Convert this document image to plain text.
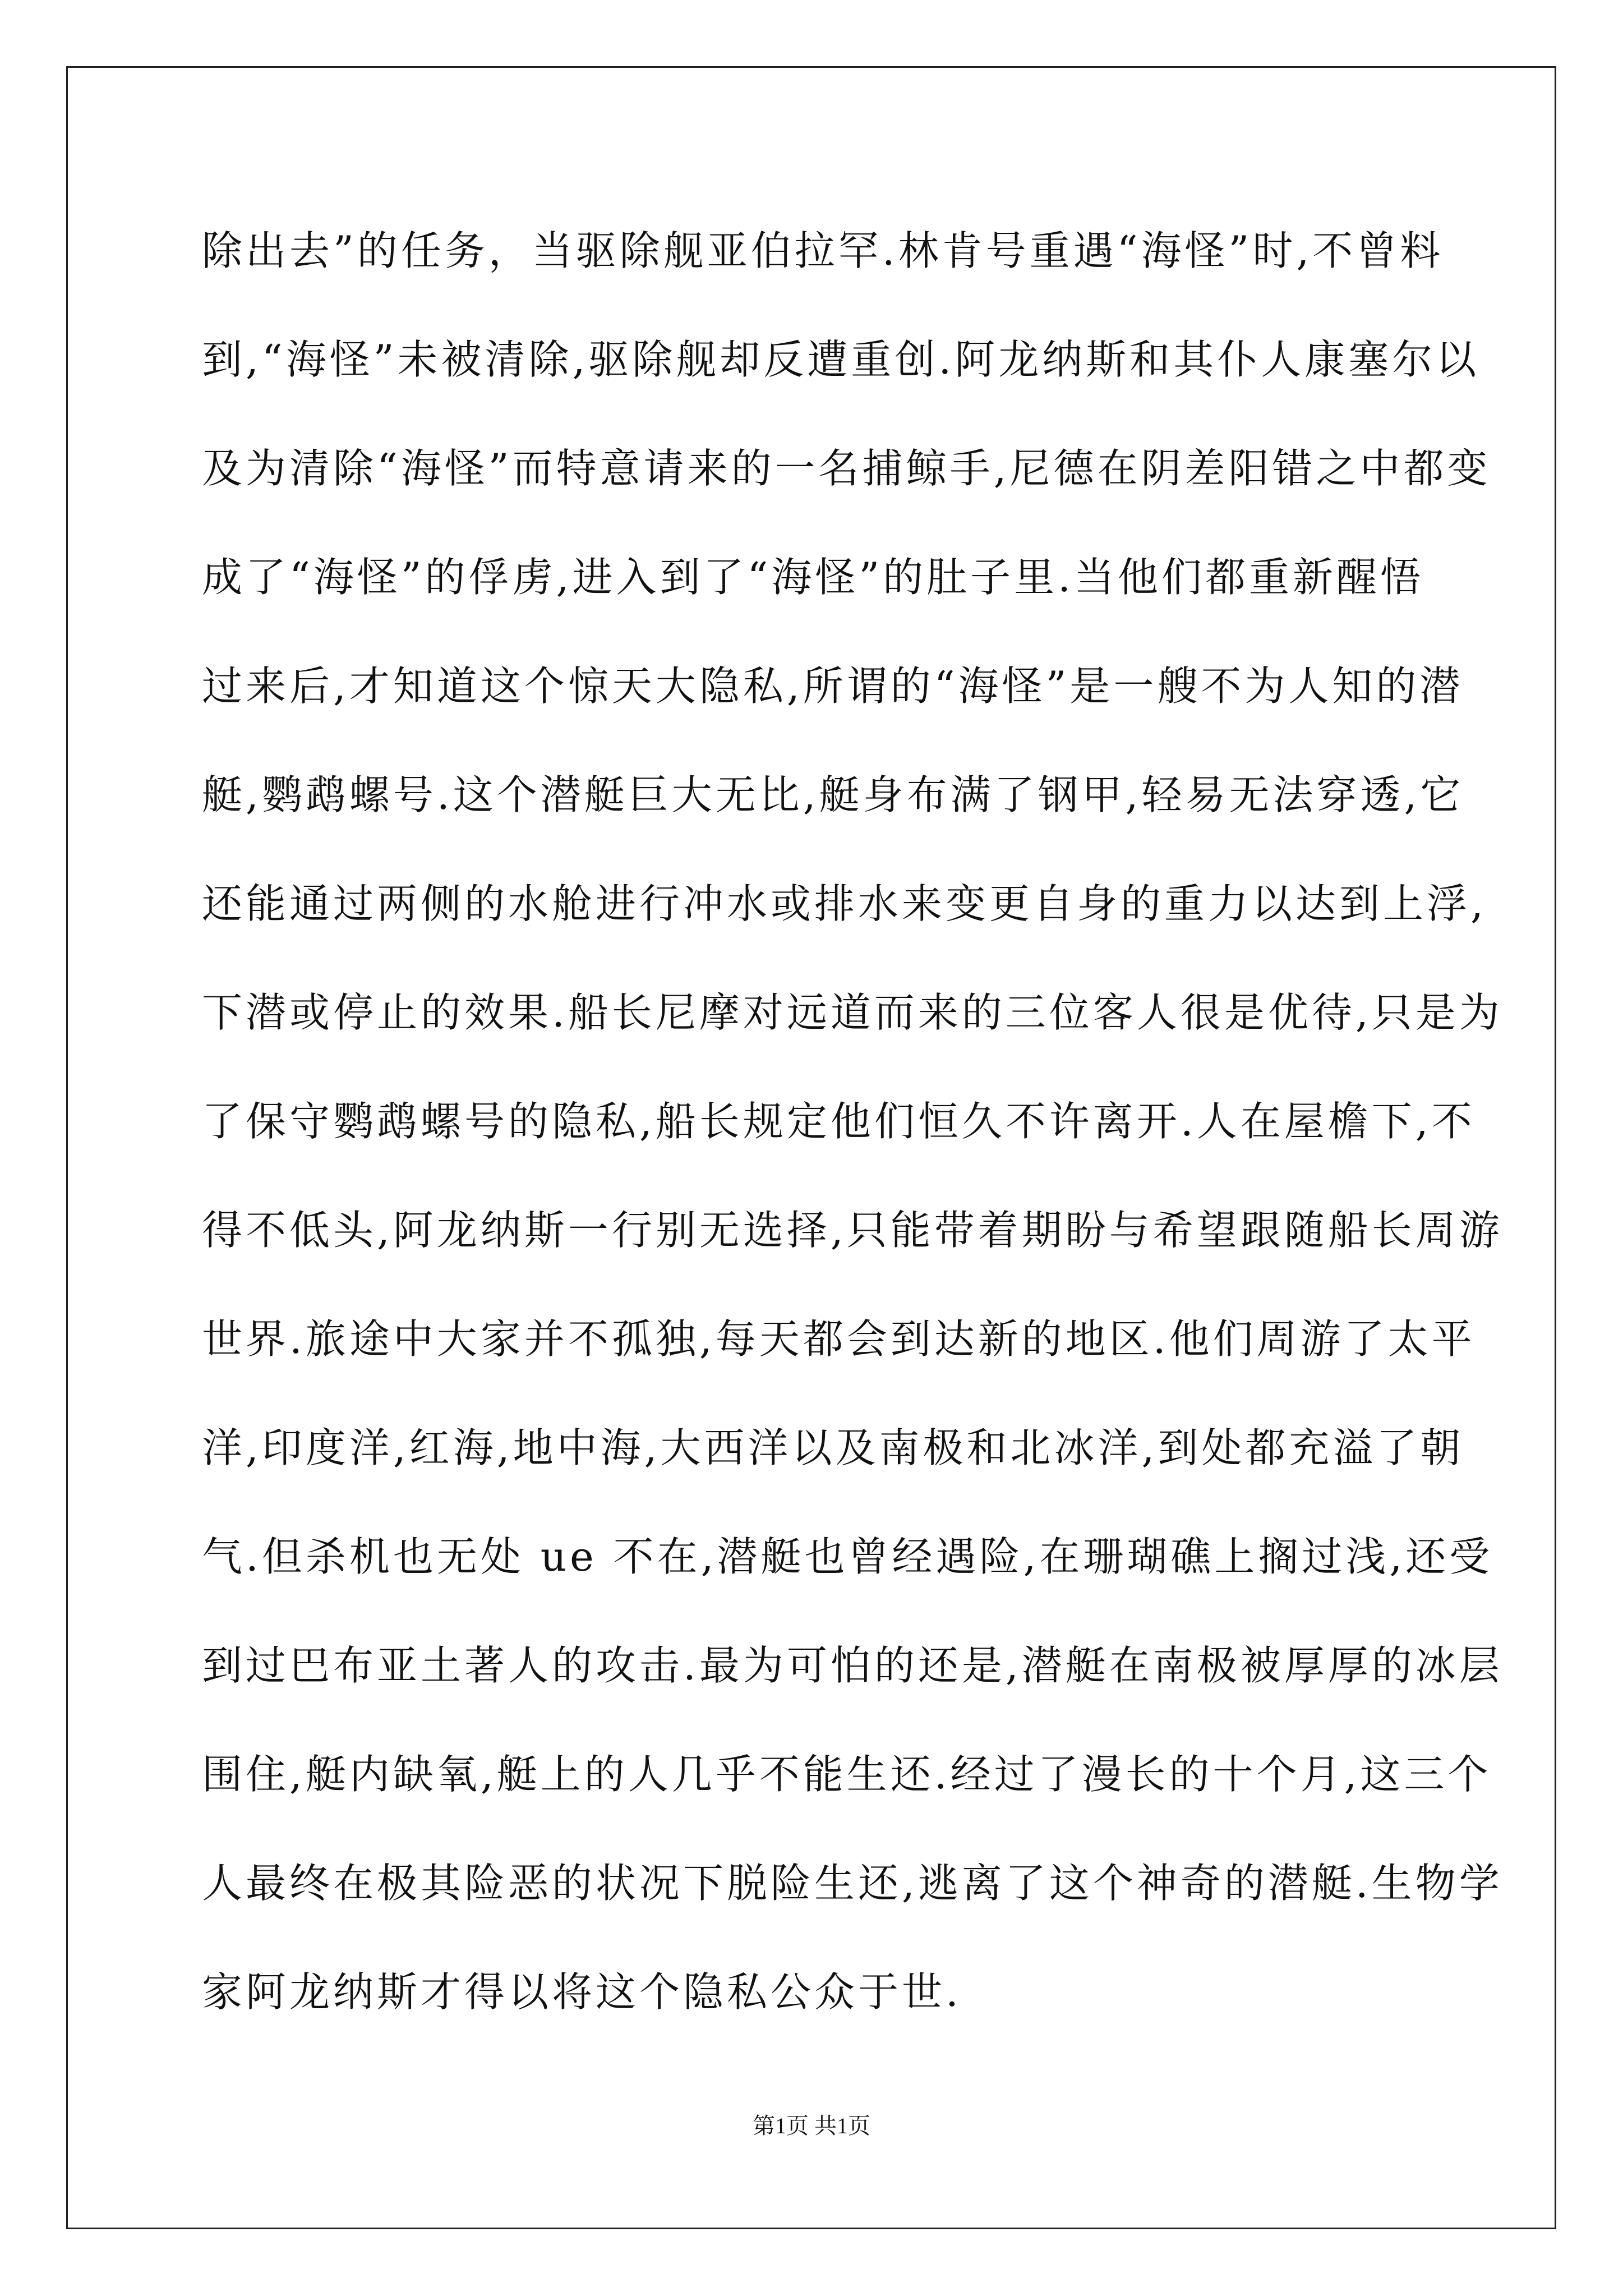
除出去”的任务，当驱除舰亚伯拉罕.林肯号重遇“海怪”时,不曾料
到,“海怪”未被清除,驱除舰却反遭重创.阿龙纳斯和其仆人康塞尔以
及为清除“海怪”而特意请来的一名捕鲸手,尼德在阴差阳错之中都变
成了“海怪”的俘虏,进入到了“海怪”的肚子里.当他们都重新醒悟
过来后,才知道这个惊天大隐私,所谓的“海怪”是一艘不为人知的潜
艇,鹦鹉螺号.这个潜艇巨大无比,艇身布满了钢甲,轻易无法穿透,它
还能通过两侧的水舱进行冲水或排水来变更自身的重力以达到上浮,
下潜或停止的效果.船长尼摩对远道而来的三位客人很是优待,只是为
了保守鹦鹉螺号的隐私,船长规定他们恒久不许离开.人在屋檐下,不
得不低头,阿龙纳斯一行别无选择,只能带着期盼与希望跟随船长周游
世界.旅途中大家并不孤独,每天都会到达新的地区.他们周游了太平
洋,印度洋,红海,地中海,大西洋以及南极和北冰洋,到处都充溢了朝
气.但杀机也无处 ue 不在,潜艇也曾经遇险,在珊瑚礁上搁过浅,还受
到过巴布亚土著人的攻击.最为可怕的还是,潜艇在南极被厚厚的冰层
围住,艇内缺氧,艇上的人几乎不能生还.经过了漫长的十个月,这三个
人最终在极其险恶的状况下脱险生还,逃离了这个神奇的潜艇.生物学
家阿龙纳斯才得以将这个隐私公众于世.
第1页 共1页
